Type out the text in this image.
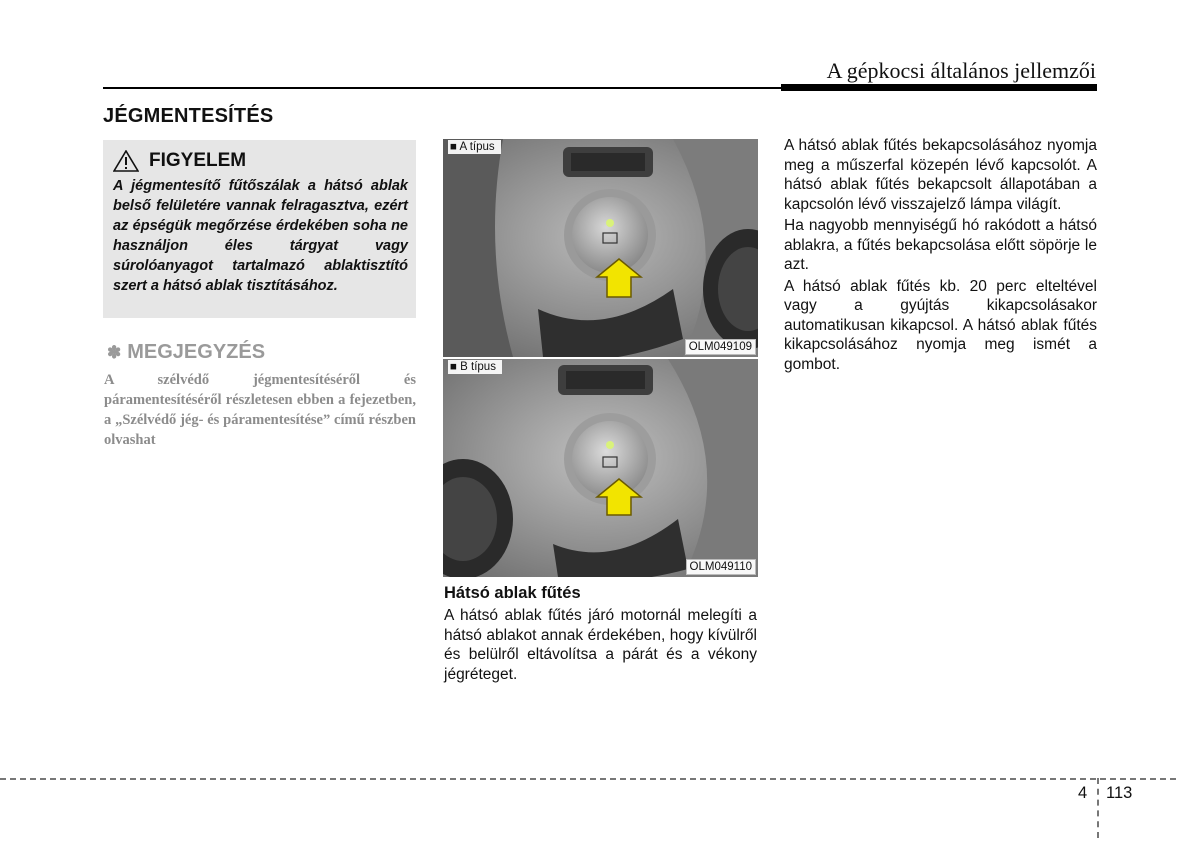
A gépkocsi általános jellemzői
JÉGMENTESÍTÉS
FIGYELEM
A jégmentesítő fűtőszálak a hátsó ablak belső felületére vannak felragasztva, ezért az épségük megőrzése érdekében soha ne használjon éles tárgyat vagy súrolóanyagot tartalmazó ablaktisztító szert a hátsó ablak tisztításához.
✽ MEGJEGYZÉS
A szélvédő jégmentesítéséről és páramentesítéséről részletesen ebben a fejezetben, a „Szélvédő jég- és páramentesítése” című részben olvashat
■ A típus
OLM049109
■ B típus
OLM049110
Hátsó ablak fűtés

A hátsó ablak fűtés járó motornál melegíti a hátsó ablakot annak érdekében, hogy kívülről és belülről eltávolítsa a párát és a vékony jégréteget.

A hátsó ablak fűtés bekapcsolásához nyomja meg a műszerfal közepén lévő kapcsolót. A hátsó ablak fűtés bekapcsolt állapotában a kapcsolón lévő visszajelző lámpa világít.

Ha nagyobb mennyiségű hó rakódott a hátsó ablakra, a fűtés bekapcsolása előtt söpörje le azt.

A hátsó ablak fűtés kb. 20 perc elteltével vagy a gyújtás kikapcsolásakor automatikusan kikapcsol. A hátsó ablak fűtés kikapcsolásához nyomja meg ismét a gombot.

4 113
